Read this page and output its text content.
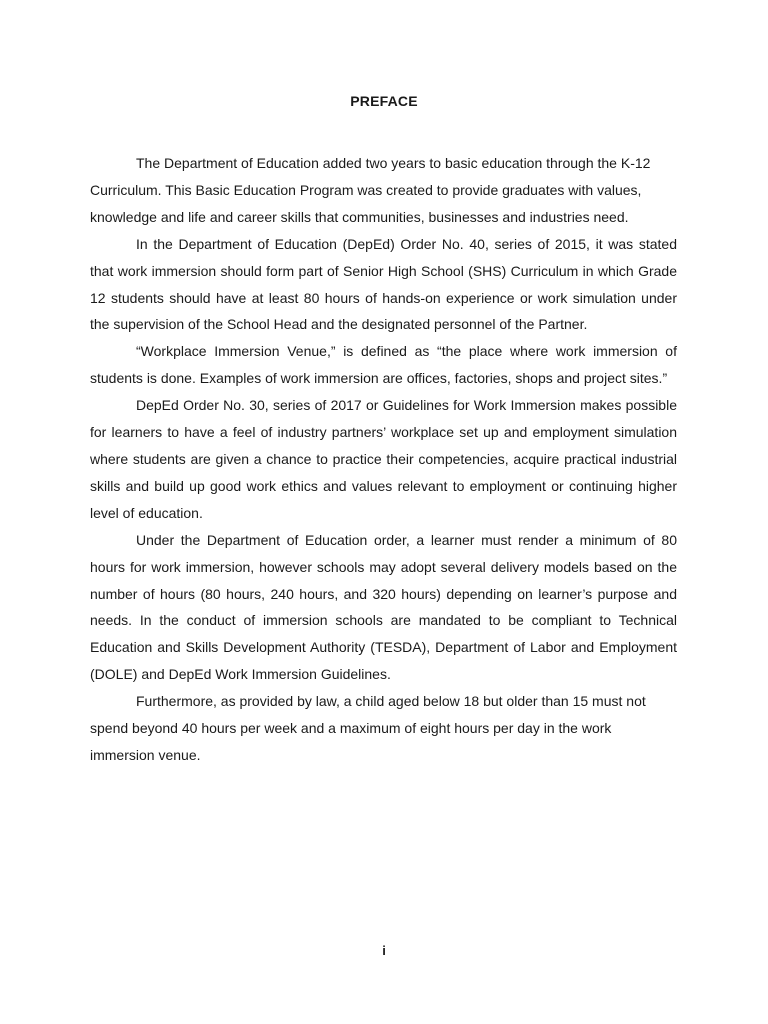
PREFACE

The Department of Education added two years to basic education through the K-12 Curriculum. This Basic Education Program was created to provide graduates with values, knowledge and life and career skills that communities, businesses and industries need.

In the Department of Education (DepEd) Order No. 40, series of 2015, it was stated that work immersion should form part of Senior High School (SHS) Curriculum in which Grade 12 students should have at least 80 hours of hands-on experience or work simulation under the supervision of the School Head and the designated personnel of the Partner.

“Workplace Immersion Venue,” is defined as “the place where work immersion of students is done. Examples of work immersion are offices, factories, shops and project sites.”

DepEd Order No. 30, series of 2017 or Guidelines for Work Immersion makes possible for learners to have a feel of industry partners’ workplace set up and employment simulation where students are given a chance to practice their competencies, acquire practical industrial skills and build up good work ethics and values relevant to employment or continuing higher level of education.

Under the Department of Education order, a learner must render a minimum of 80 hours for work immersion, however schools may adopt several delivery models based on the number of hours (80 hours, 240 hours, and 320 hours) depending on learner’s purpose and needs. In the conduct of immersion schools are mandated to be compliant to Technical Education and Skills Development Authority (TESDA), Department of Labor and Employment (DOLE) and DepEd Work Immersion Guidelines.

Furthermore, as provided by law, a child aged below 18 but older than 15 must not spend beyond 40 hours per week and a maximum of eight hours per day in the work immersion venue.

i
